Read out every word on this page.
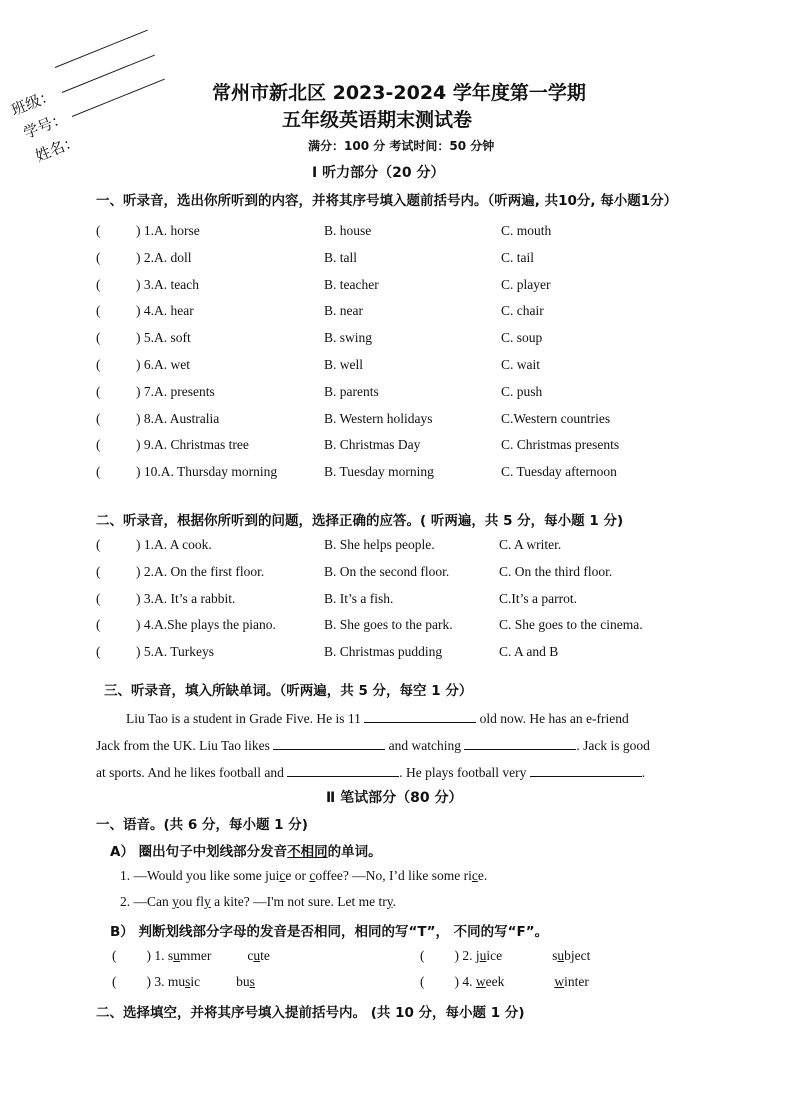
班级：
学号：
姓名：
常州市新北区 2023-2024 学年度第一学期
五年级英语期末测试卷
满分：100 分 考试时间：50 分钟
Ⅰ 听力部分（20 分）
一、听录音，选出你所听到的内容，并将其序号填入题前括号内。（听两遍, 共10分, 每小题1分）
(	) 1.A. horse	B. house	C. mouth
(	) 2.A. doll	B. tall	C. tail
(	) 3.A. teach	B. teacher	C. player
(	) 4.A. hear	B. near	C. chair
(	) 5.A. soft	B. swing	C. soup
(	) 6.A. wet	B. well	C. wait
(	) 7.A. presents	B. parents	C. push
(	) 8.A. Australia	B. Western holidays	C.Western countries
(	) 9.A. Christmas tree	B. Christmas Day	C. Christmas presents
(	) 10.A. Thursday morning	B. Tuesday morning	C. Tuesday afternoon
二、听录音，根据你所听到的问题，选择正确的应答。( 听两遍，共 5 分，每小题 1 分)
(	) 1.A. A cook.	B. She helps people.	C. A writer.
(	) 2.A. On the first floor.	B. On the second floor.	C. On the third floor.
(	) 3.A. It’s a rabbit.	B. It’s a fish.	C.It’s a parrot.
(	) 4.A.She plays the piano.	B. She goes to the park.	C. She goes to the cinema.
(	) 5.A. Turkeys	B. Christmas pudding	C. A and B
三、听录音，填入所缺单词。（听两遍，共 5 分，每空 1 分）
Liu Tao is a student in Grade Five. He is 11	old now. He has an e-friend
Jack from the UK. Liu Tao likes	and watching	. Jack is good
at sports. And he likes football and	. He plays football very	.
Ⅱ 笔试部分（80 分）
一、语音。(共 6 分，每小题 1 分)
A） 圈出句子中划线部分发音不相同的单词。
1. —Would you like some juice or coffee? —No, I’d like some rice.
2. —Can you fly a kite? —I'm not sure. Let me try.
B） 判断划线部分字母的发音是否相同，相同的写“T”， 不同的写“F”。
( ) 1. summer	cute	( ) 2. juice	subject
( ) 3. music	bus	( ) 4. week	winter
二、选择填空，并将其序号填入提前括号内。 (共 10 分，每小题 1 分)
